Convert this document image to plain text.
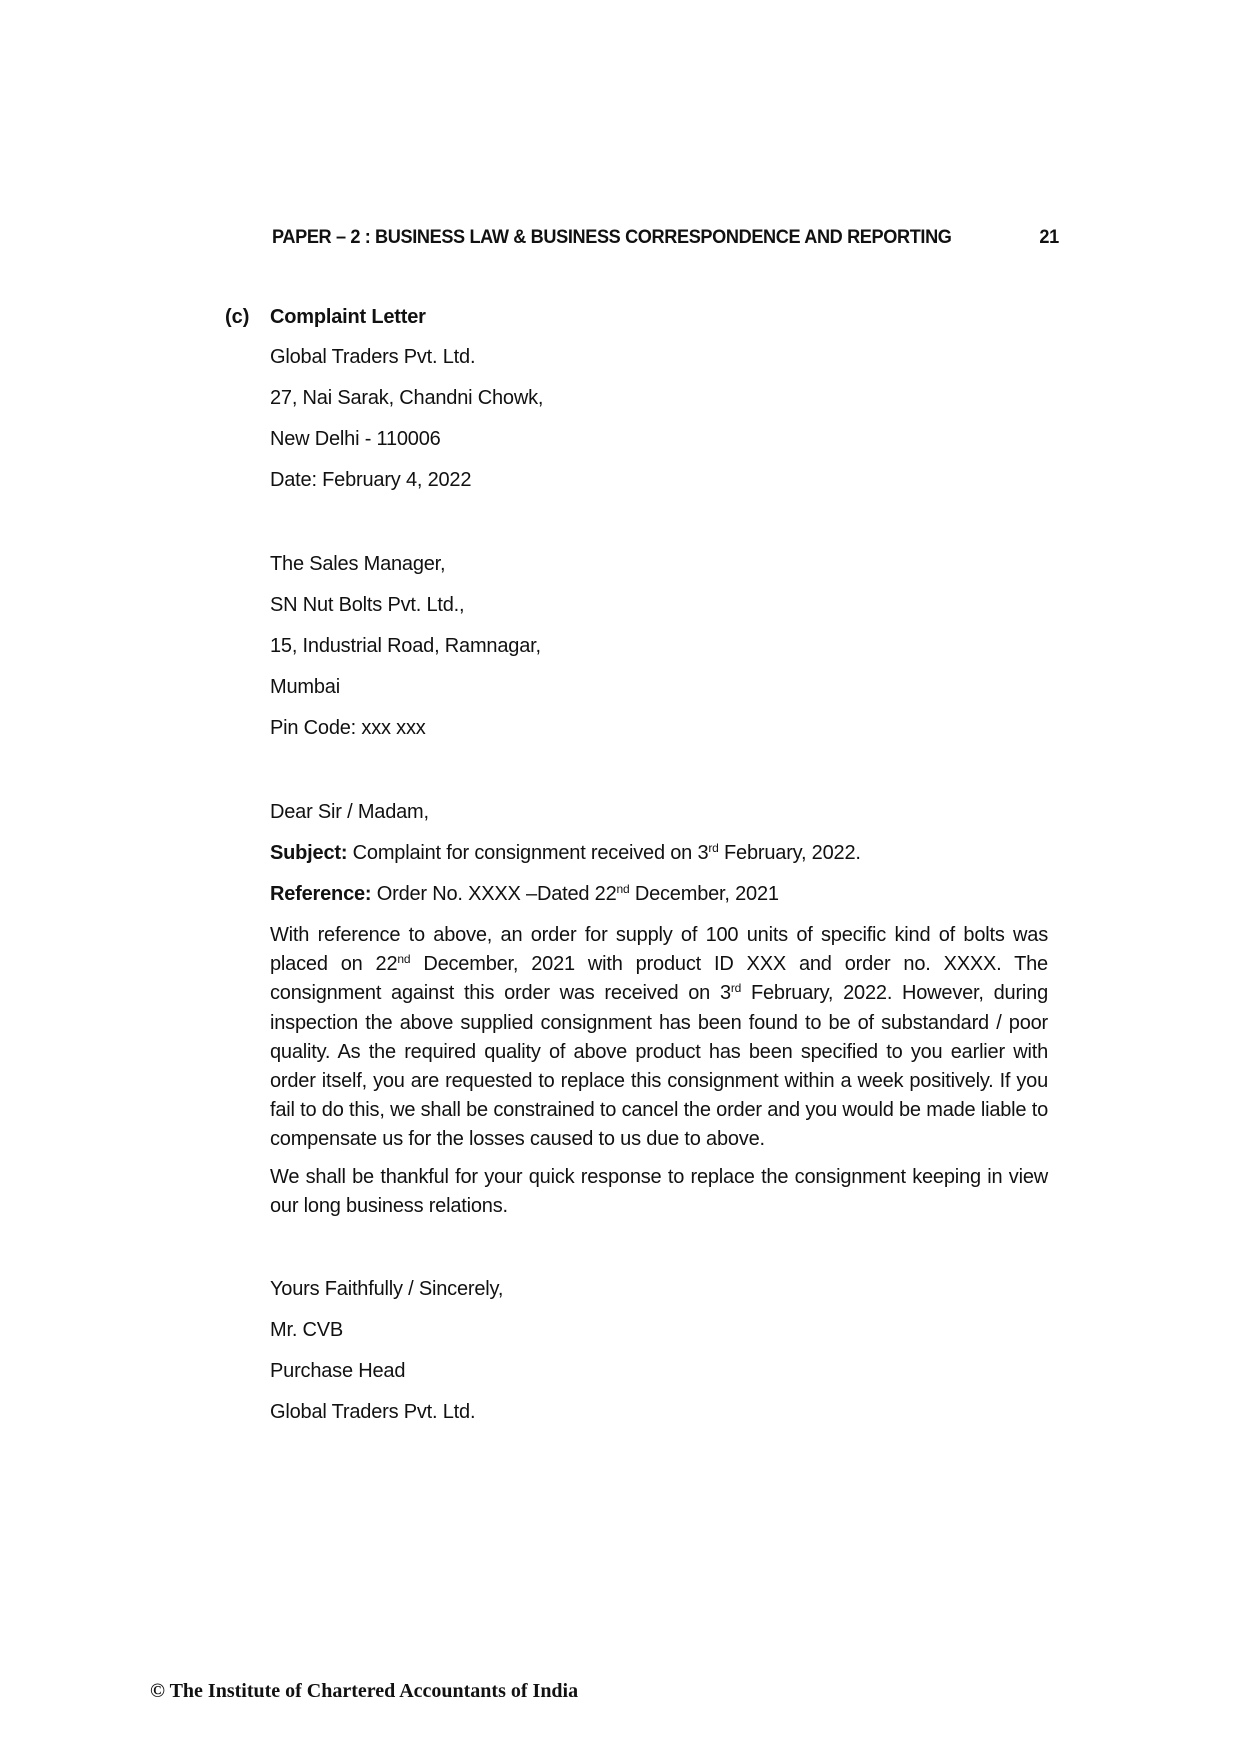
PAPER – 2 : BUSINESS LAW & BUSINESS CORRESPONDENCE AND REPORTING	21
(c) Complaint Letter
Global Traders Pvt. Ltd.
27, Nai Sarak, Chandni Chowk,
New Delhi - 110006
Date: February 4, 2022
The Sales Manager,
SN Nut Bolts Pvt. Ltd.,
15, Industrial Road, Ramnagar,
Mumbai
Pin Code: xxx xxx
Dear Sir / Madam,
Subject: Complaint for consignment received on 3rd February, 2022.
Reference: Order No. XXXX –Dated 22nd December, 2021
With reference to above, an order for supply of 100 units of specific kind of bolts was placed on 22nd December, 2021 with product ID XXX and order no. XXXX. The consignment against this order was received on 3rd February, 2022. However, during inspection the above supplied consignment has been found to be of substandard / poor quality. As the required quality of above product has been specified to you earlier with order itself, you are requested to replace this consignment within a week positively. If you fail to do this, we shall be constrained to cancel the order and you would be made liable to compensate us for the losses caused to us due to above.
We shall be thankful for your quick response to replace the consignment keeping in view our long business relations.
Yours Faithfully / Sincerely,
Mr. CVB
Purchase Head
Global Traders Pvt. Ltd.
© The Institute of Chartered Accountants of India
